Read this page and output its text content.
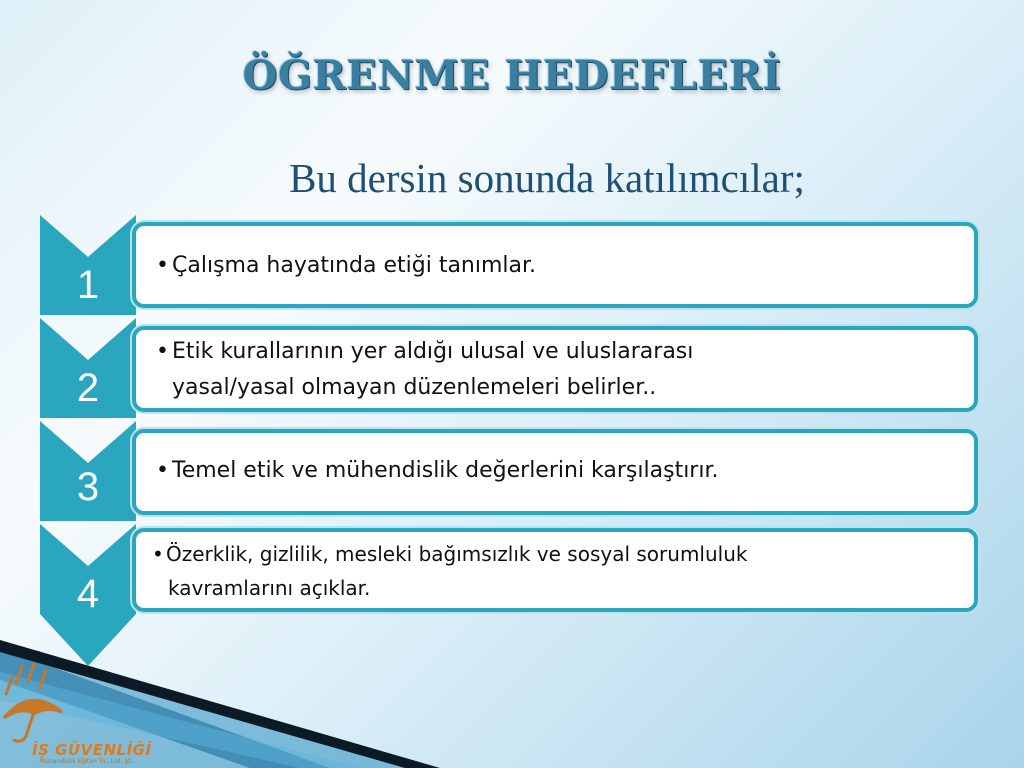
ÖĞRENME HEDEFLERİ
Bu dersin sonunda katılımcılar;
1	• Çalışma hayatında etiği tanımlar.
2
• Etik kurallarının yer aldığı ulusal ve uluslararası
yasal/yasal olmayan düzenlemeleri belirler..
3	• Temel etik ve mühendislik değerlerini karşılaştırır.
4
• Özerklik, gizlilik, mesleki bağımsızlık ve sosyal sorumluluk
kavramlarını açıklar.
İŞ GÜVENLİĞİ
Mühendislik Eğitim Tic. Ltd. Şti.
